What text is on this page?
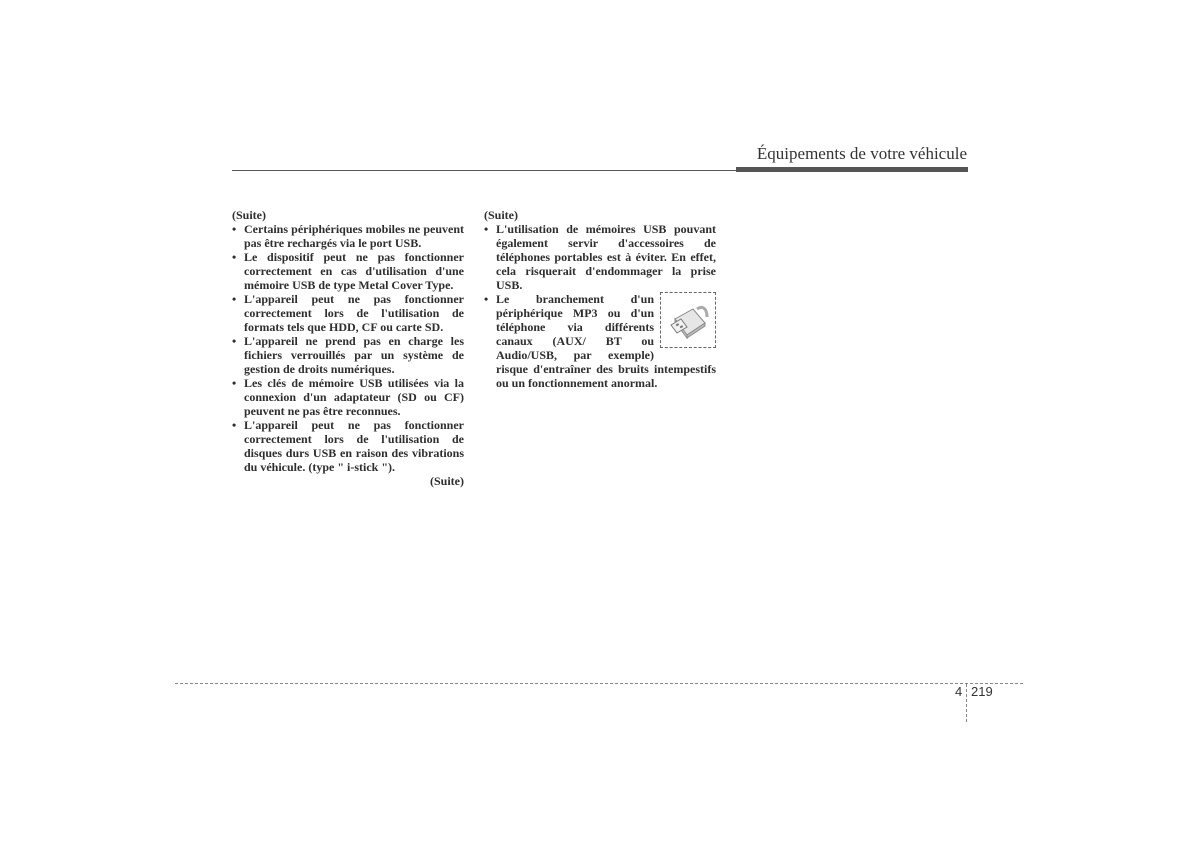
Équipements de votre véhicule

(Suite)

• Certains périphériques mobiles ne peuvent pas être rechargés via le port USB.
• Le dispositif peut ne pas fonctionner correctement en cas d'utilisation d'une mémoire USB de type Metal Cover Type.
• L'appareil peut ne pas fonctionner correctement lors de l'utilisation de formats tels que HDD, CF ou carte SD.
• L'appareil ne prend pas en charge les fichiers verrouillés par un système de gestion de droits numériques.
• Les clés de mémoire USB utilisées via la connexion d'un adaptateur (SD ou CF) peuvent ne pas être reconnues.
• L'appareil peut ne pas fonctionner correctement lors de l'utilisation de disques durs USB en raison des vibrations du véhicule. (type " i-stick ").

(Suite)

(Suite)

• L'utilisation de mémoires USB pouvant également servir d'accessoires de téléphones portables est à éviter. En effet, cela risquerait d'endommager la prise USB.
• Le branchement d'un périphérique MP3 ou d'un téléphone via différents canaux (AUX/ BT ou Audio/USB, par exemple) risque d'entraîner des bruits intempestifs ou un fonctionnement anormal.
4 219
